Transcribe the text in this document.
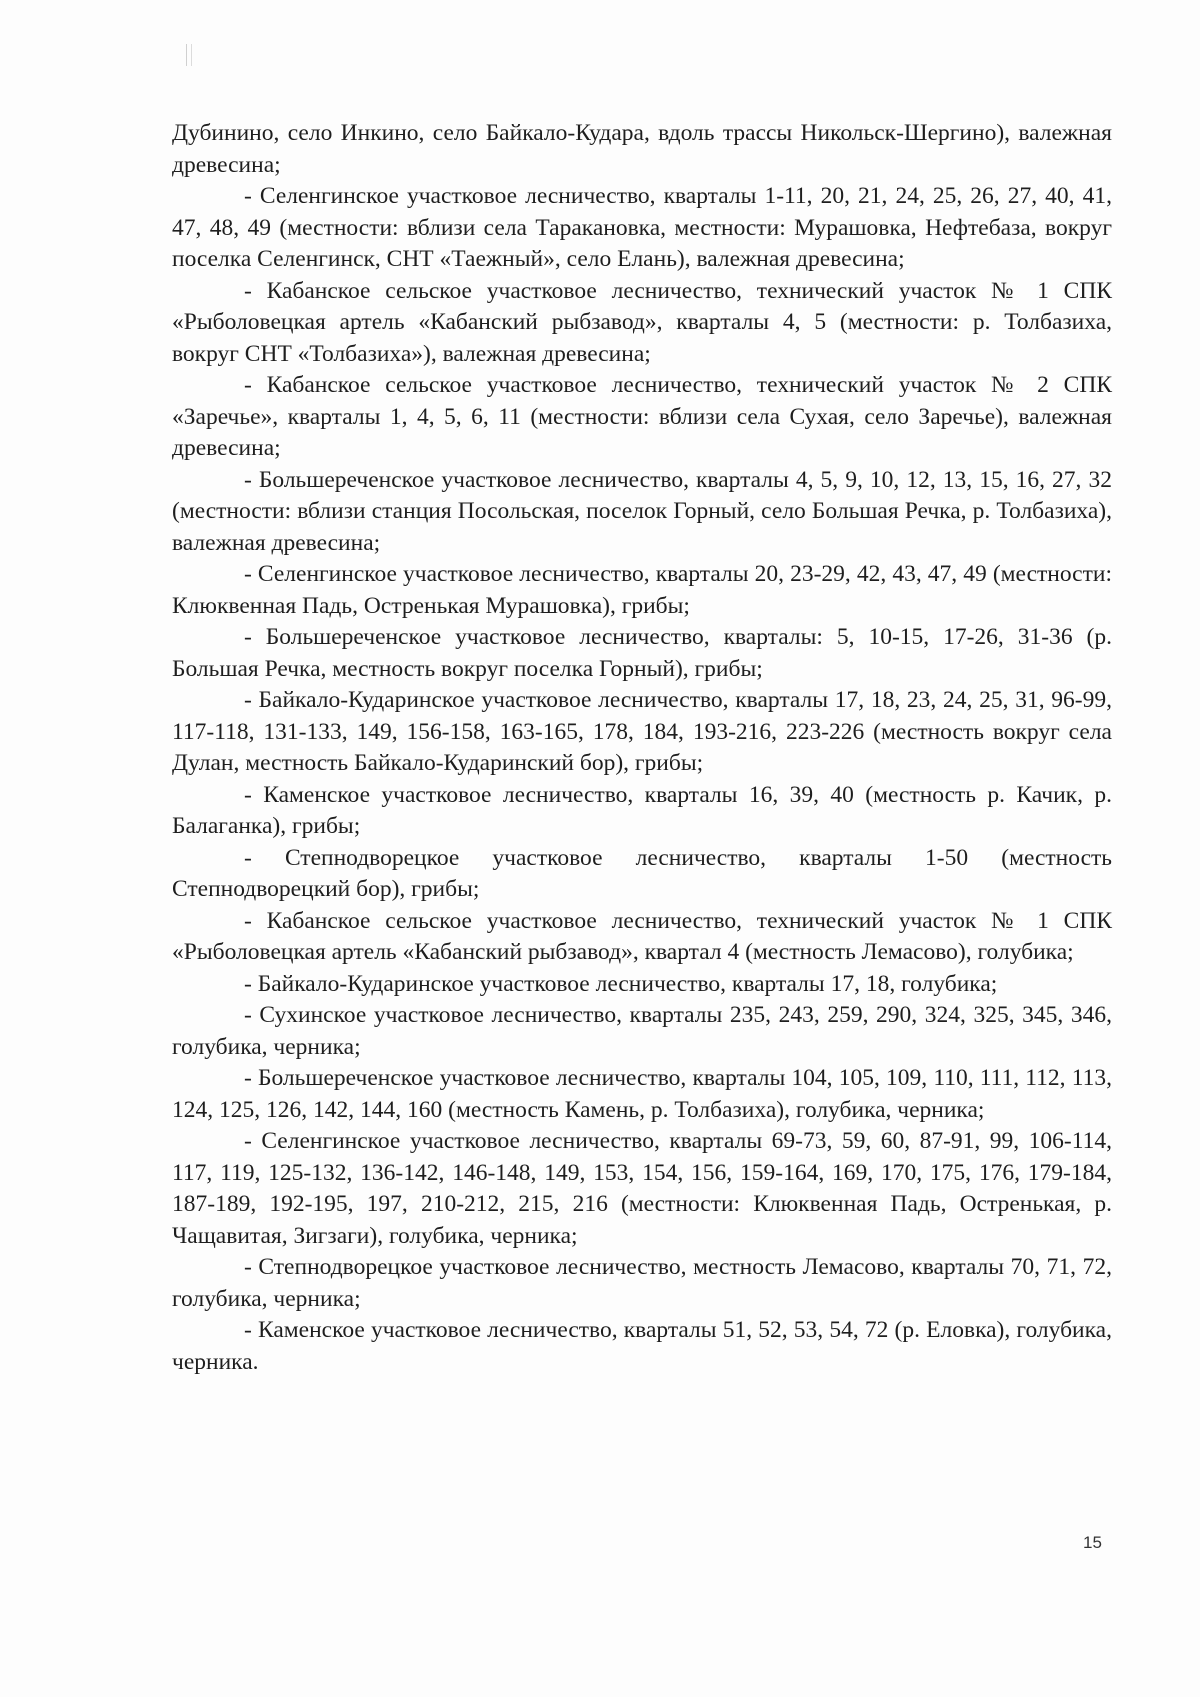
Дубинино, село Инкино, село Байкало-Кудара, вдоль трассы Никольск-Шергино), валежная древесина;

- Селенгинское участковое лесничество, кварталы 1-11, 20, 21, 24, 25, 26, 27, 40, 41, 47, 48, 49 (местности: вблизи села Таракановка, местности: Мурашовка, Нефтебаза, вокруг поселка Селенгинск, СНТ «Таежный», село Елань), валежная древесина;

- Кабанское сельское участковое лесничество, технический участок № 1 СПК «Рыболовецкая артель «Кабанский рыбзавод», кварталы 4, 5 (местности: р. Толбазиха, вокруг СНТ «Толбазиха»), валежная древесина;

- Кабанское сельское участковое лесничество, технический участок № 2 СПК «Заречье», кварталы 1, 4, 5, 6, 11 (местности: вблизи села Сухая, село Заречье), валежная древесина;

- Большереченское участковое лесничество, кварталы 4, 5, 9, 10, 12, 13, 15, 16, 27, 32 (местности: вблизи станция Посольская, поселок Горный, село Большая Речка, р. Толбазиха), валежная древесина;

- Селенгинское участковое лесничество, кварталы 20, 23-29, 42, 43, 47, 49 (местности: Клюквенная Падь, Остренькая Мурашовка), грибы;

- Большереченское участковое лесничество, кварталы: 5, 10-15, 17-26, 31-36 (р. Большая Речка, местность вокруг поселка Горный), грибы;

- Байкало-Кударинское участковое лесничество, кварталы 17, 18, 23, 24, 25, 31, 96-99, 117-118, 131-133, 149, 156-158, 163-165, 178, 184, 193-216, 223-226 (местность вокруг села Дулан, местность Байкало-Кударинский бор), грибы;

- Каменское участковое лесничество, кварталы 16, 39, 40 (местность р. Качик, р. Балаганка), грибы;

- Степнодворецкое участковое лесничество, кварталы 1-50 (местность Степнодворецкий бор), грибы;

- Кабанское сельское участковое лесничество, технический участок № 1 СПК «Рыболовецкая артель «Кабанский рыбзавод», квартал 4 (местность Лемасово), голубика;

- Байкало-Кударинское участковое лесничество, кварталы 17, 18, голубика;

- Сухинское участковое лесничество, кварталы 235, 243, 259, 290, 324, 325, 345, 346, голубика, черника;

- Большереченское участковое лесничество, кварталы 104, 105, 109, 110, 111, 112, 113, 124, 125, 126, 142, 144, 160 (местность Камень, р. Толбазиха), голубика, черника;

- Селенгинское участковое лесничество, кварталы 69-73, 59, 60, 87-91, 99, 106-114, 117, 119, 125-132, 136-142, 146-148, 149, 153, 154, 156, 159-164, 169, 170, 175, 176, 179-184, 187-189, 192-195, 197, 210-212, 215, 216 (местности: Клюквенная Падь, Остренькая, р. Чащавитая, Зигзаги), голубика, черника;

- Степнодворецкое участковое лесничество, местность Лемасово, кварталы 70, 71, 72, голубика, черника;

- Каменское участковое лесничество, кварталы 51, 52, 53, 54, 72 (р. Еловка), голубика, черника.

15
